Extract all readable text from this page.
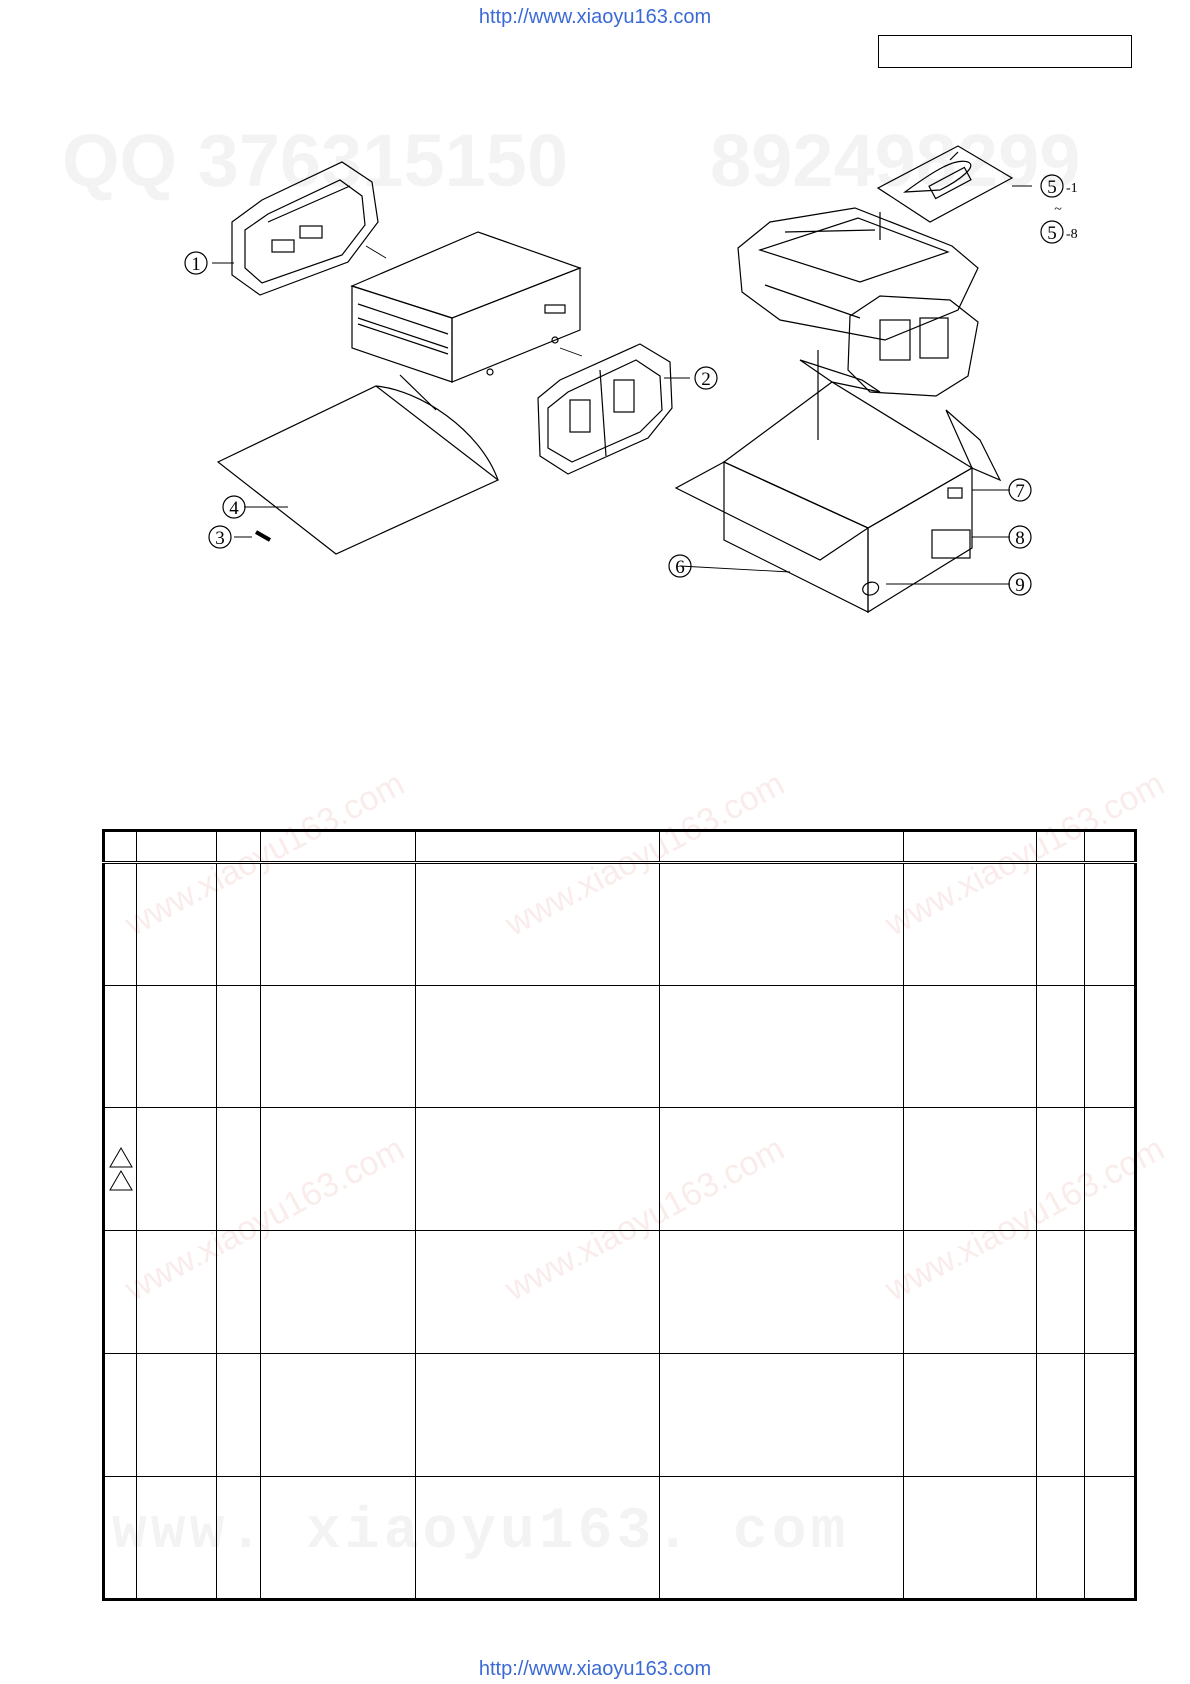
http://www.xiaoyu163.com
www.xiaoyu163.com	www.xiaoyu163.com	www.xiaoyu163.com
www.xiaoyu163.com	www.xiaoyu163.com	www.xiaoyu163.com
1
2
3
4
5 -1
~
5 -8
6
7
8
9

http://www.xiaoyu163.com
